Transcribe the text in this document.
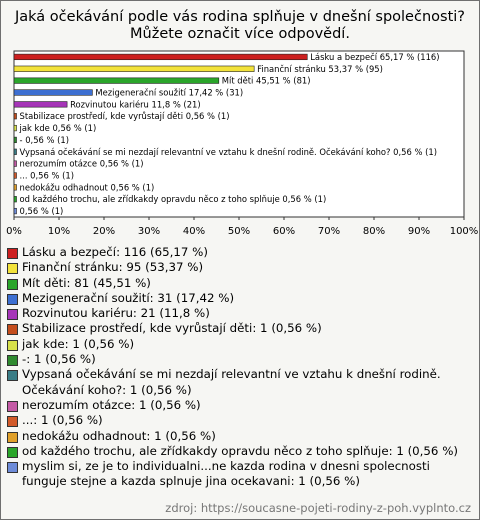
Jaká očekávání podle vás rodina splňuje v dnešní společnosti?
Můžete označit více odpovědí.
Lásku a bezpečí 65,17 % (116)
Finanční stránku 53,37 % (95)
Mít děti 45,51 % (81)
Mezigenerační soužití 17,42 % (31)
Rozvinutou kariéru 11,8 % (21)
Stabilizace prostředí, kde vyrůstají děti 0,56 % (1)
jak kde 0,56 % (1)
- 0,56 % (1)
Vypsaná očekávání se mi nezdají relevantní ve vztahu k dnešní rodině. Očekávání koho? 0,56 % (1)
nerozumím otázce 0,56 % (1)
... 0,56 % (1)
nedokážu odhadnout 0,56 % (1)
od každého trochu, ale zřídkakdy opravdu něco z toho splňuje 0,56 % (1)
0,56 % (1)
0%	10% 20% 30% 40% 50% 60% 70% 80% 90% 100%
Lásku a bezpečí: 116 (65,17 %)
Finanční stránku: 95 (53,37 %)
Mít děti: 81 (45,51 %)
Mezigenerační soužití: 31 (17,42 %)
Rozvinutou kariéru: 21 (11,8 %)
Stabilizace prostředí, kde vyrůstají děti: 1 (0,56 %)
jak kde: 1 (0,56 %)
-: 1 (0,56 %)
Vypsaná očekávání se mi nezdají relevantní ve vztahu k dnešní rodině. Očekávání koho?: 1 (0,56 %)
nerozumím otázce: 1 (0,56 %)
...: 1 (0,56 %)
nedokážu odhadnout: 1 (0,56 %)
od každého trochu, ale zřídkakdy opravdu něco z toho splňuje: 1 (0,56 %)
myslim si, ze je to individualni...ne kazda rodina v dnesni spolecnosti funguje stejne a kazda splnuje jina ocekavani: 1 (0,56 %)
zdroj: https://soucasne-pojeti-rodiny-z-poh.vyplnto.cz
